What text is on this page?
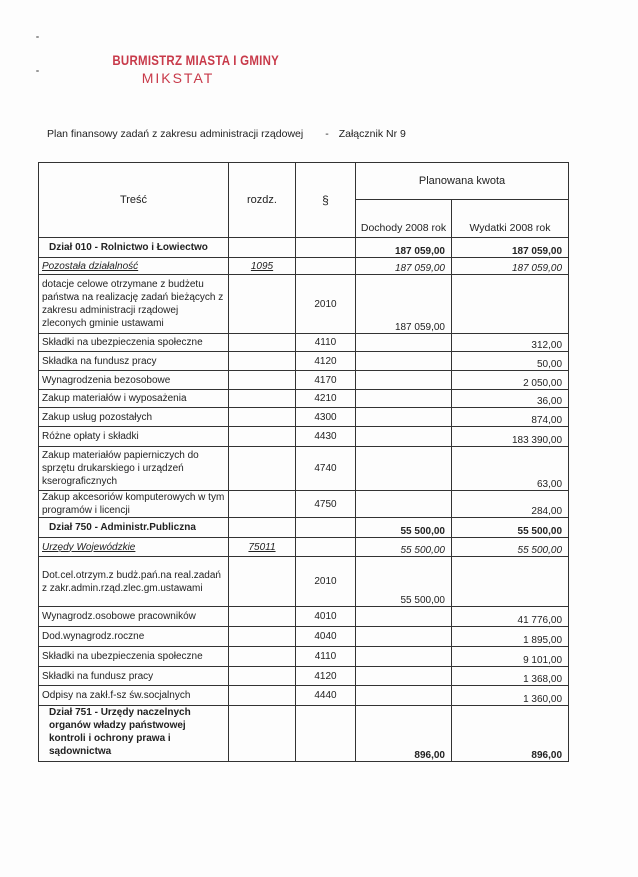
BURMISTRZ MIASTA I GMINY
MIKSTAT
Plan finansowy zadań z zakresu administracji rządowej - Załącznik Nr 9
Treść	rozdz.	§	Planowana kwota	
			Dochody 2008 rok	Wydatki 2008 rok
Dział 010 - Rolnictwo i Łowiectwo			187 059,00	187 059,00
Pozostała działalność	1095		187 059,00	187 059,00
dotacje celowe otrzymane z budżetu państwa na realizację zadań bieżących z zakresu administracji rządowej zleconych gminie ustawami		2010	187 059,00	
Składki na ubezpieczenia społeczne		4110		312,00
Składka na fundusz pracy		4120		50,00
Wynagrodzenia bezosobowe		4170		2 050,00
Zakup materiałów i wyposażenia		4210		36,00
Zakup usług pozostałych		4300		874,00
Różne opłaty i składki		4430		183 390,00
Zakup materiałów papierniczych do sprzętu drukarskiego i urządzeń kserograficznych		4740		63,00
Zakup akcesoriów komputerowych w tym programów i licencji		4750		284,00
Dział 750 - Administr.Publiczna			55 500,00	55 500,00
Urzędy Wojewódzkie	75011		55 500,00	55 500,00
Dot.cel.otrzym.z budż.pań.na real.zadań z zakr.admin.rząd.zlec.gm.ustawami		2010	55 500,00	
Wynagrodz.osobowe pracowników		4010		41 776,00
Dod.wynagrodz.roczne		4040		1 895,00
Składki na ubezpieczenia społeczne		4110		9 101,00
Składki na fundusz pracy		4120		1 368,00
Odpisy na zakł.f-sz św.socjalnych		4440		1 360,00
Dział 751 - Urzędy naczelnych organów władzy państwowej kontroli i ochrony prawa i sądownictwa			896,00	896,00
